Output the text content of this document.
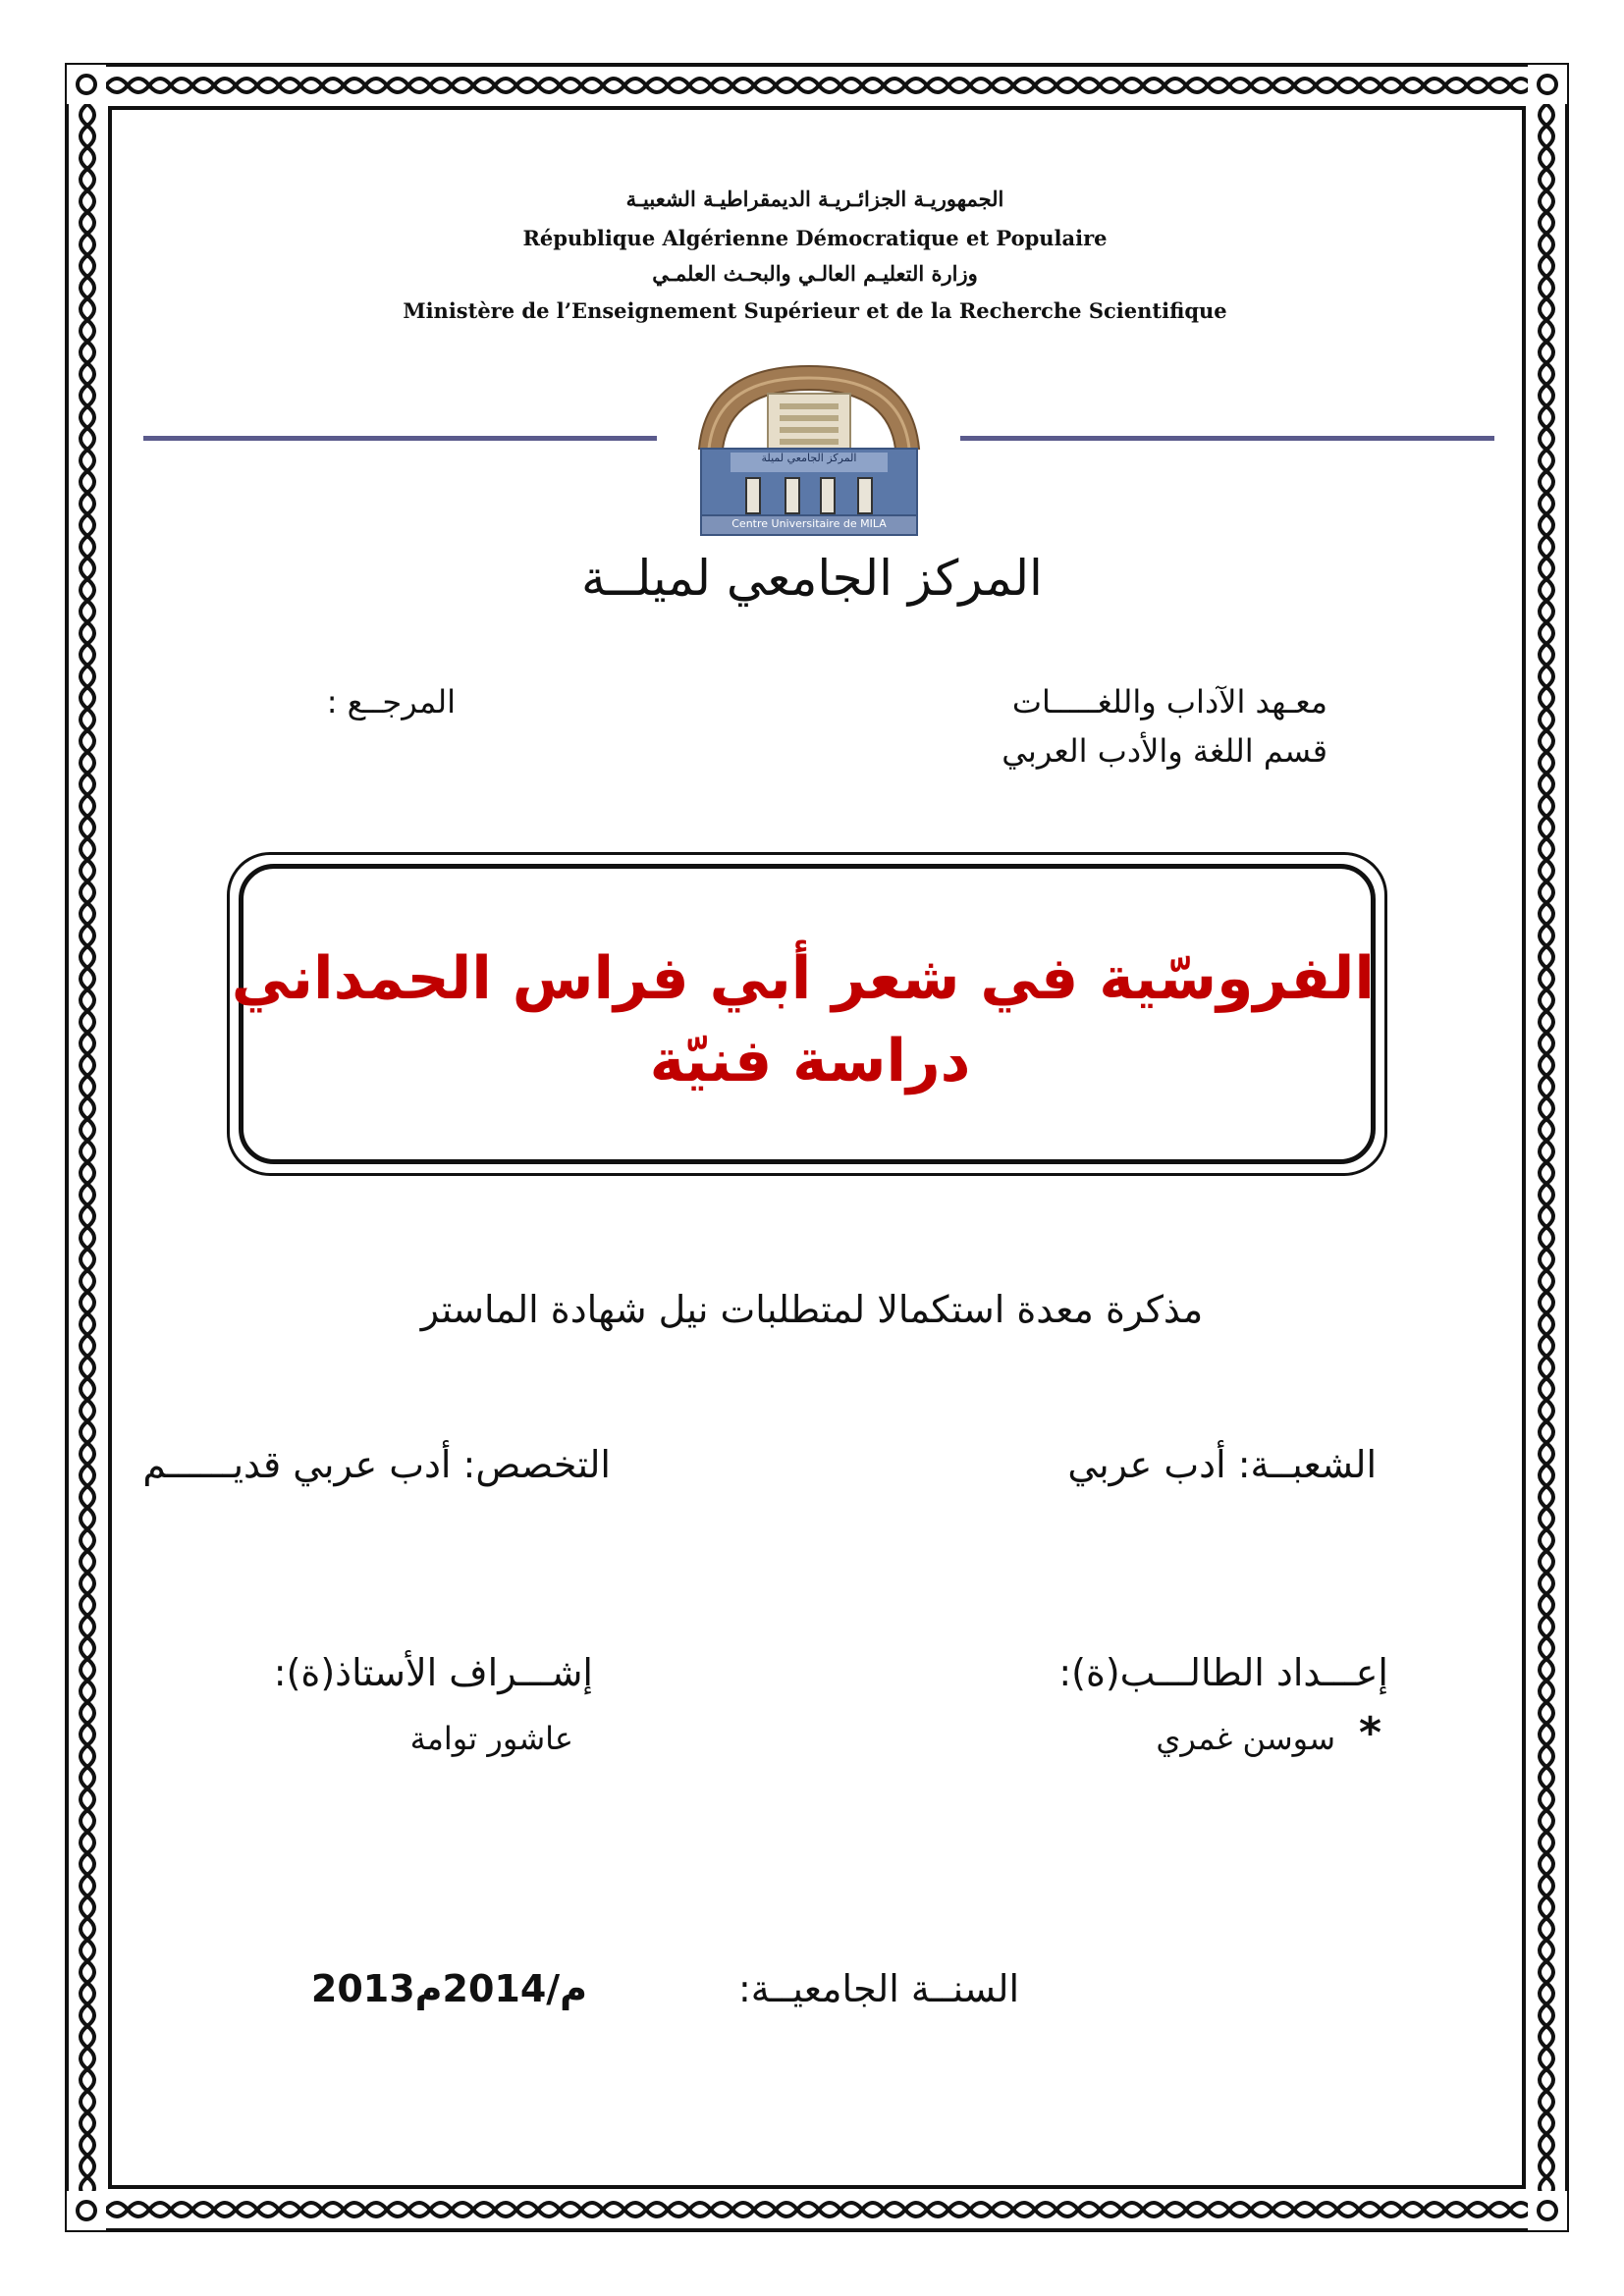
الجمهوريـة الجزائـريـة الديمقراطيـة الشعبيـة
République Algérienne Démocratique et Populaire
وزارة التعليـم العالـي والبحـث العلمـي
Ministère de l’Enseignement Supérieur et de la Recherche Scientifique
المركز الجامعي لميلة
Centre Universitaire de MILA
المركز الجامعي لميلــة
معـهد الآداب واللغـــــات
قسم اللغة والأدب العربي
المرجــع :
الفروسّية في شعر أبي فراس الحمداني
دراسة فنيّة
مذكرة معدة استكمالا لمتطلبات نيل شهادة الماستر
الشعبــة: أدب عربي
التخصص: أدب عربي قديــــــم
إعـــداد الطالـــب(ة):
إشـــراف الأستاذ(ة):
*
سوسن غمري
عاشور توامة
السنــة الجامعيــة:
2013م/2014م
